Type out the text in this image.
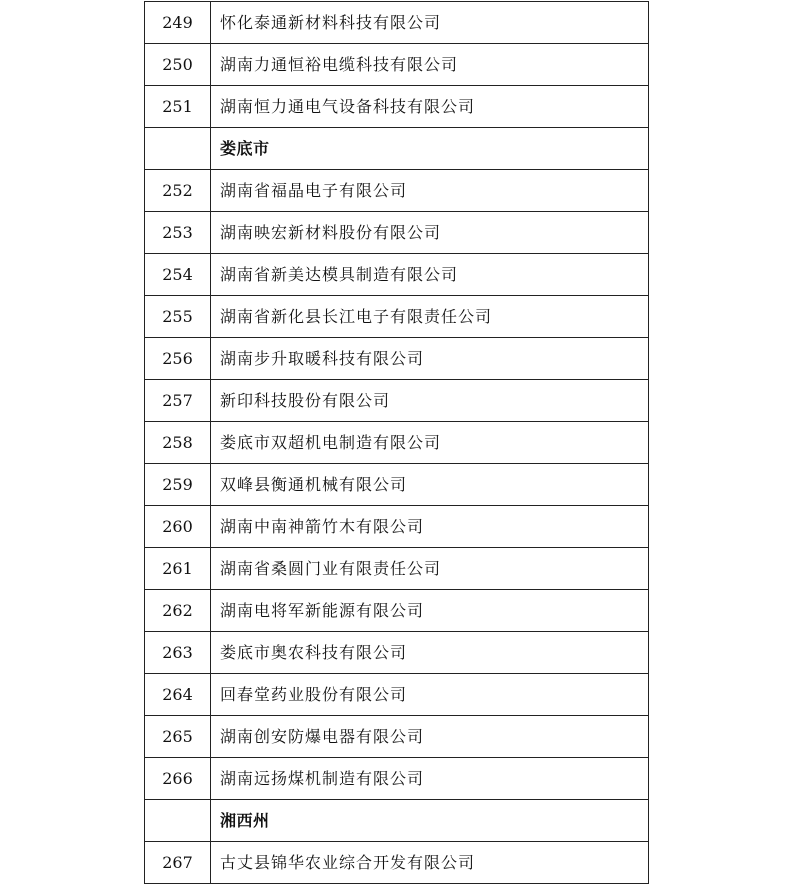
249	怀化泰通新材料科技有限公司
250	湖南力通恒裕电缆科技有限公司
251	湖南恒力通电气设备科技有限公司
	娄底市
252	湖南省福晶电子有限公司
253	湖南映宏新材料股份有限公司
254	湖南省新美达模具制造有限公司
255	湖南省新化县长江电子有限责任公司
256	湖南步升取暖科技有限公司
257	新印科技股份有限公司
258	娄底市双超机电制造有限公司
259	双峰县衡通机械有限公司
260	湖南中南神箭竹木有限公司
261	湖南省桑圆门业有限责任公司
262	湖南电将军新能源有限公司
263	娄底市奥农科技有限公司
264	回春堂药业股份有限公司
265	湖南创安防爆电器有限公司
266	湖南远扬煤机制造有限公司
	湘西州
267	古丈县锦华农业综合开发有限公司
